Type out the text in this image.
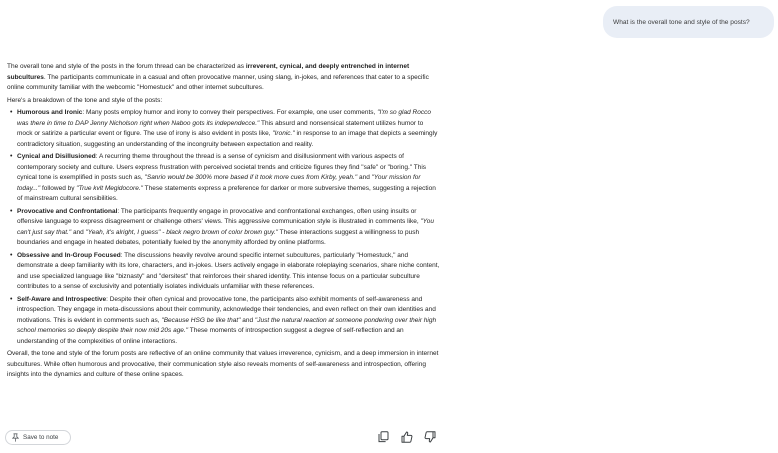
What is the overall tone and style of the posts?

The overall tone and style of the posts in the forum thread can be characterized as irreverent, cynical, and deeply entrenched in internet subcultures. The participants communicate in a casual and often provocative manner, using slang, in-jokes, and references that cater to a specific online community familiar with the webcomic "Homestuck" and other internet subcultures.

Here's a breakdown of the tone and style of the posts:

• Humorous and Ironic: Many posts employ humor and irony to convey their perspectives. For example, one user comments, "I'm so glad Rocco was there in time to DAP Jenny Nicholson right when Naboo gots its independecce." This absurd and nonsensical statement utilizes humor to mock or satirize a particular event or figure. The use of irony is also evident in posts like, "Ironic." in response to an image that depicts a seemingly contradictory situation, suggesting an understanding of the incongruity between expectation and reality.
• Cynical and Disillusioned: A recurring theme throughout the thread is a sense of cynicism and disillusionment with various aspects of contemporary society and culture. Users express frustration with perceived societal trends and criticize figures they find "safe" or "boring." This cynical tone is exemplified in posts such as, "Sanrio would be 300% more based if it took more cues from Kirby, yeah." and "Your mission for today..." followed by "True kvlt Megidocore." These statements express a preference for darker or more subversive themes, suggesting a rejection of mainstream cultural sensibilities.
• Provocative and Confrontational: The participants frequently engage in provocative and confrontational exchanges, often using insults or offensive language to express disagreement or challenge others' views. This aggressive communication style is illustrated in comments like, "You can't just say that." and "Yeah, it's alright, I guess" - black negro brown of color brown guy." These interactions suggest a willingness to push boundaries and engage in heated debates, potentially fueled by the anonymity afforded by online platforms.
• Obsessive and In-Group Focused: The discussions heavily revolve around specific internet subcultures, particularly "Homestuck," and demonstrate a deep familiarity with its lore, characters, and in-jokes. Users actively engage in elaborate roleplaying scenarios, share niche content, and use specialized language like "biznasty" and "dersitest" that reinforces their shared identity. This intense focus on a particular subculture contributes to a sense of exclusivity and potentially isolates individuals unfamiliar with these references.
• Self-Aware and Introspective: Despite their often cynical and provocative tone, the participants also exhibit moments of self-awareness and introspection. They engage in meta-discussions about their community, acknowledge their tendencies, and even reflect on their own identities and motivations. This is evident in comments such as, "Because HSG be like that" and "Just the natural reaction at someone pondering over their high school memories so deeply despite their now mid 20s age." These moments of introspection suggest a degree of self-reflection and an understanding of the complexities of online interactions.

Overall, the tone and style of the forum posts are reflective of an online community that values irreverence, cynicism, and a deep immersion in internet subcultures. While often humorous and provocative, their communication style also reveals moments of self-awareness and introspection, offering insights into the dynamics and culture of these online spaces.

Save to note
